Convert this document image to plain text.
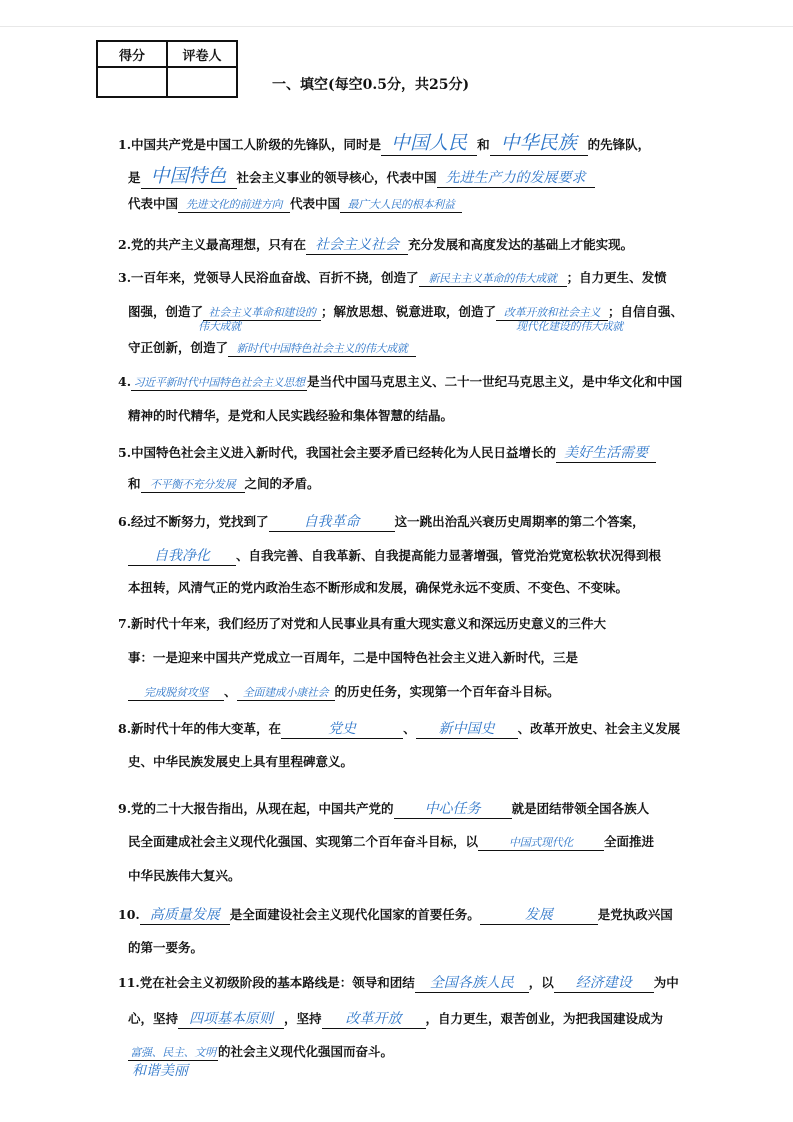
得分	评卷人

一、填空(每空0.5分，共25分)
1.中国共产党是中国工人阶级的先锋队，同时是 中国人民 和 中华民族 的先锋队，
是 中国特色 社会主义事业的领导核心，代表中国 先进生产力的发展要求
代表中国 先进文化的前进方向 代表中国 最广大人民的根本利益
2.党的共产主义最高理想，只有在 社会主义社会 充分发展和高度发达的基础上才能实现。
3.一百年来，党领导人民浴血奋战、百折不挠，创造了 新民主主义革命的伟大成就 ；自力更生、发愤
图强，创造了 社会主义革命和建设的 ；解放思想、锐意进取，创造了 改革开放和社会主义 ；自信自强、
伟大成就	现代化建设的伟大成就
守正创新，创造了 新时代中国特色社会主义的伟大成就
4. 习近平新时代中国特色社会主义思想 是当代中国马克思主义、二十一世纪马克思主义，是中华文化和中国
精神的时代精华，是党和人民实践经验和集体智慧的结晶。
5.中国特色社会主义进入新时代，我国社会主要矛盾已经转化为人民日益增长的 美好生活需要
和 不平衡不充分发展 之间的矛盾。
6.经过不断努力，党找到了	自我革命	这一跳出治乱兴衰历史周期率的第二个答案，
自我净化 、自我完善、自我革新、自我提高能力显著增强，管党治党宽松软状况得到根
本扭转，风清气正的党内政治生态不断形成和发展，确保党永远不变质、不变色、不变味。
7.新时代十年来，我们经历了对党和人民事业具有重大现实意义和深远历史意义的三件大
事：一是迎来中国共产党成立一百周年，二是中国特色社会主义进入新时代，三是
完成脱贫攻坚 、 全面建成小康社会 的历史任务，实现第一个百年奋斗目标。
8.新时代十年的伟大变革，在	党史	、 新中国史 、改革开放史、社会主义发展
史、中华民族发展史上具有里程碑意义。
9.党的二十大报告指出，从现在起，中国共产党的 中心任务 就是团结带领全国各族人
民全面建成社会主义现代化强国、实现第二个百年奋斗目标，以	中国式现代化 全面推进
中华民族伟大复兴。
10. 高质量发展 是全面建设社会主义现代化国家的首要任务。	发展	是党执政兴国
的第一要务。
11.党在社会主义初级阶段的基本路线是：领导和团结 全国各族人民 ，以 经济建设 为中
心，坚持 四项基本原则 ，坚持 改革开放 ，自力更生，艰苦创业，为把我国建设成为
富强、民主、文明 的社会主义现代化强国而奋斗。
和谐美丽
